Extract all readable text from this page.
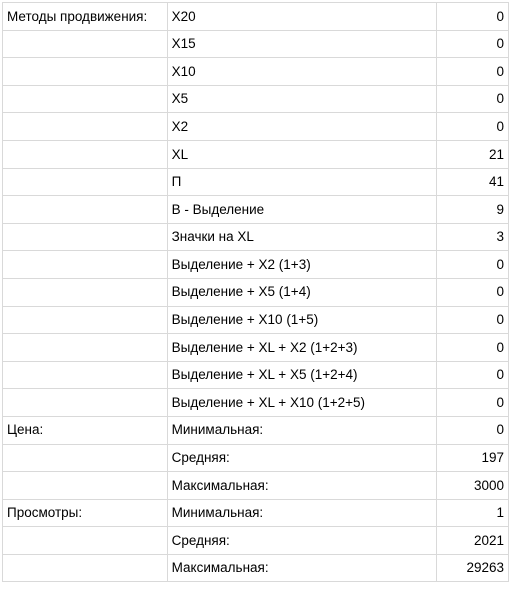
Методы продвижения:	X20	0
	X15	0
	X10	0
	X5	0
	X2	0
	XL	21
	П	41
	В - Выделение	9
	Значки на XL	3
	Выделение + X2 (1+3)	0
	Выделение + X5 (1+4)	0
	Выделение + X10 (1+5)	0
	Выделение + XL + X2 (1+2+3)	0
	Выделение + XL + X5 (1+2+4)	0
	Выделение + XL + X10 (1+2+5)	0
Цена:	Минимальная:	0
	Средняя:	197
	Максимальная:	3000
Просмотры:	Минимальная:	1
	Средняя:	2021
	Максимальная:	29263
